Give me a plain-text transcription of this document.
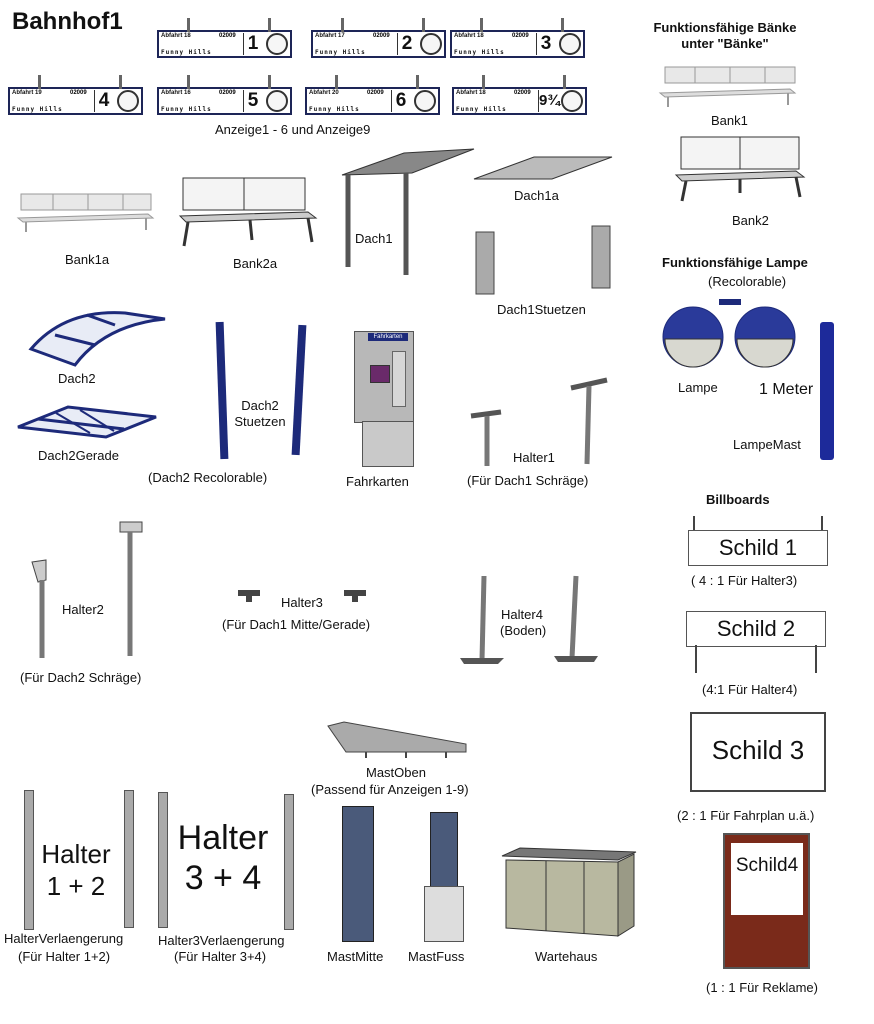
Bahnhof1
Abfahrt 18	02009
Funny Hills 1	Abfahrt 17	02009
Funny Hills 2	Abfahrt 18	02009
Funny Hills 3
Abfahrt 19	02009
Funny Hills 4	Abfahrt 16	02009
Funny Hills 5	Abfahrt 20	02009
Funny Hills 6	Abfahrt 18	02009
Funny Hills
9¾
Anzeige1 - 6 und Anzeige9
Funktionsfähige Bänke
unter "Bänke"
Bank1
Bank2
Bank1a	Bank2a
Dach1
Dach1a
Dach1Stuetzen
Funktionsfähige Lampe
(Recolorable)
Lampe	1 Meter
LampeMast
Dach2
Dach2Gerade
Dach2
Stuetzen
(Dach2 Recolorable)
Fahrkarten
Fahrkarten
Halter1
(Für Dach1 Schräge)
Billboards
Halter2
(Für Dach2 Schräge)
Halter3
(Für Dach1 Mitte/Gerade)
Halter4
(Boden)
Schild 1
( 4 : 1 Für Halter3)
Schild 2
(4:1 Für Halter4)
Schild 3
(2 : 1 Für Fahrplan u.ä.)
Schild4
(1 : 1 Für Reklame)
MastOben
(Passend für Anzeigen 1-9)
Halter
1 + 2
HalterVerlaengerung
(Für Halter 1+2)
Halter
3 + 4
Halter3Verlaengerung
(Für Halter 3+4)	MastMitte MastFuss	Wartehaus
